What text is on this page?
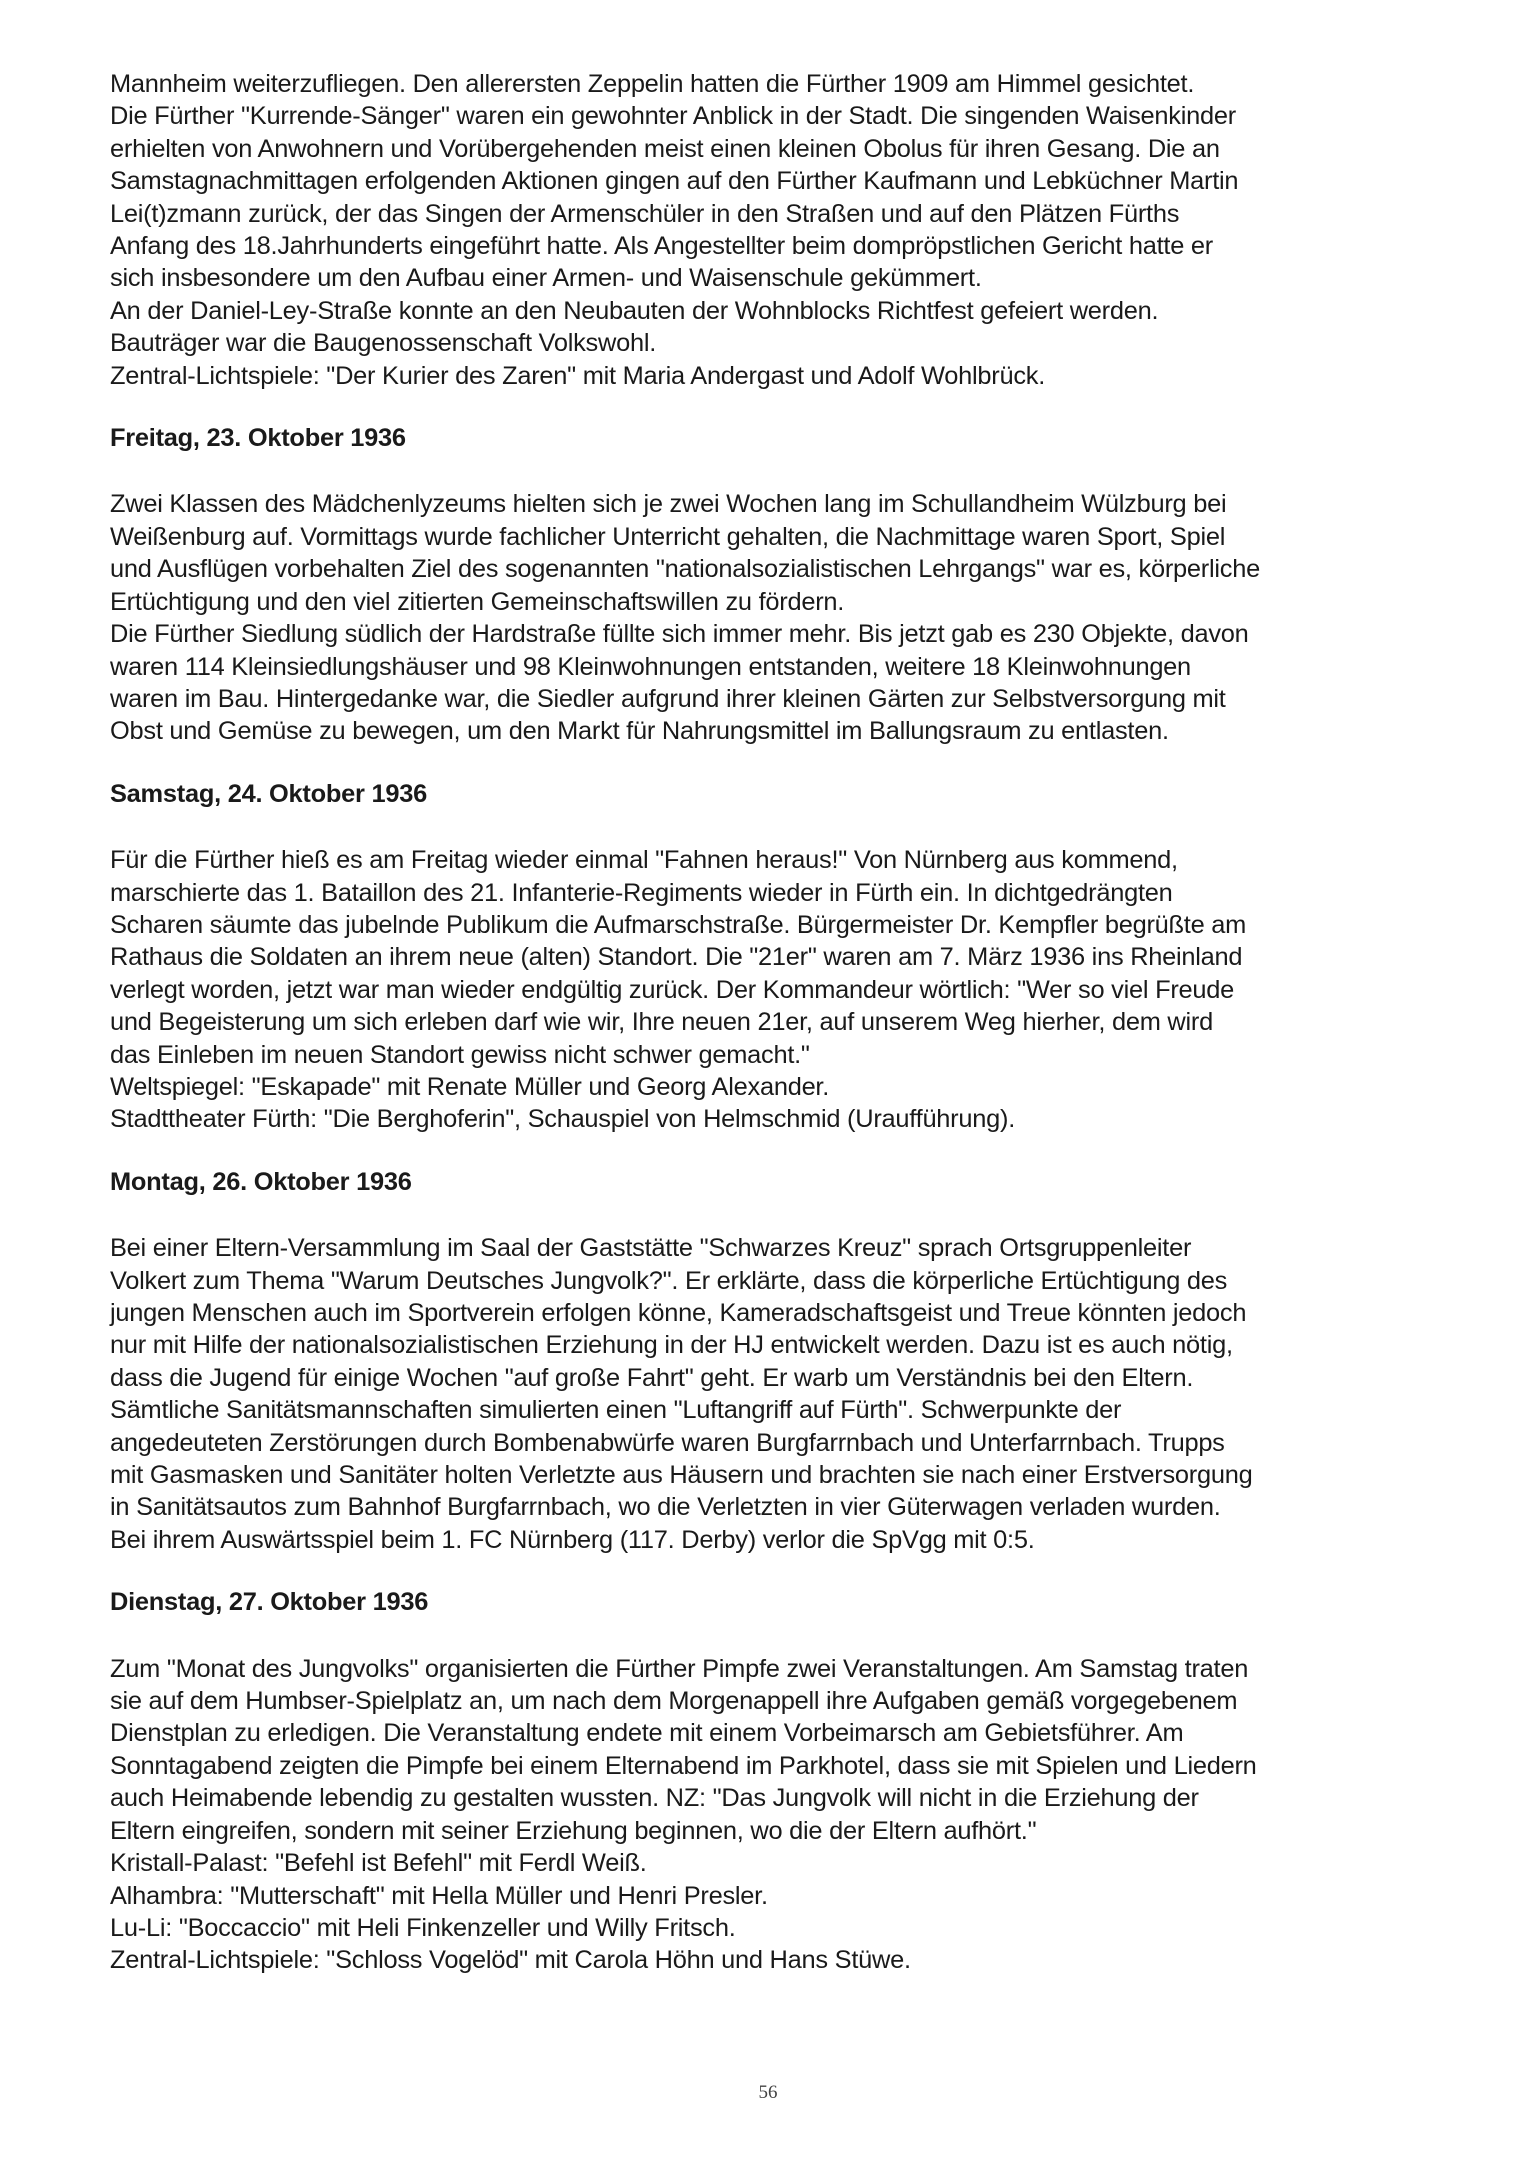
Mannheim weiterzufliegen. Den allerersten Zeppelin hatten die Fürther 1909 am Himmel gesichtet.
Die Fürther "Kurrende-Sänger" waren ein gewohnter Anblick in der Stadt. Die singenden Waisenkinder
erhielten von Anwohnern und Vorübergehenden meist einen kleinen Obolus für ihren Gesang. Die an
Samstagnachmittagen erfolgenden Aktionen gingen auf den Fürther Kaufmann und Lebküchner Martin
Lei(t)zmann zurück, der das Singen der Armenschüler in den Straßen und auf den Plätzen Fürths
Anfang des 18.Jahrhunderts eingeführt hatte. Als Angestellter beim dompröpstlichen Gericht hatte er
sich insbesondere um den Aufbau einer Armen- und Waisenschule gekümmert.
An der Daniel-Ley-Straße konnte an den Neubauten der Wohnblocks Richtfest gefeiert werden.
Bauträger war die Baugenossenschaft Volkswohl.
Zentral-Lichtspiele: "Der Kurier des Zaren" mit Maria Andergast und Adolf Wohlbrück.
Freitag, 23. Oktober 1936
Zwei Klassen des Mädchenlyzeums hielten sich je zwei Wochen lang im Schullandheim Wülzburg bei
Weißenburg auf. Vormittags wurde fachlicher Unterricht gehalten, die Nachmittage waren Sport, Spiel
und Ausflügen vorbehalten Ziel des sogenannten "nationalsozialistischen Lehrgangs" war es, körperliche
Ertüchtigung und den viel zitierten Gemeinschaftswillen zu fördern.
Die Fürther Siedlung südlich der Hardstraße füllte sich immer mehr. Bis jetzt gab es 230 Objekte, davon
waren 114 Kleinsiedlungshäuser und 98 Kleinwohnungen entstanden, weitere 18 Kleinwohnungen
waren im Bau. Hintergedanke war, die Siedler aufgrund ihrer kleinen Gärten zur Selbstversorgung mit
Obst und Gemüse zu bewegen, um den Markt für Nahrungsmittel im Ballungsraum zu entlasten.
Samstag, 24. Oktober 1936
Für die Fürther hieß es am Freitag wieder einmal "Fahnen heraus!" Von Nürnberg aus kommend,
marschierte das 1. Bataillon des 21. Infanterie-Regiments wieder in Fürth ein. In dichtgedrängten
Scharen säumte das jubelnde Publikum die Aufmarschstraße. Bürgermeister Dr. Kempfler begrüßte am
Rathaus die Soldaten an ihrem neue (alten) Standort. Die "21er" waren am 7. März 1936 ins Rheinland
verlegt worden, jetzt war man wieder endgültig zurück. Der Kommandeur wörtlich: "Wer so viel Freude
und Begeisterung um sich erleben darf wie wir, Ihre neuen 21er, auf unserem Weg hierher, dem wird
das Einleben im neuen Standort gewiss nicht schwer gemacht."
Weltspiegel: "Eskapade" mit Renate Müller und Georg Alexander.
Stadttheater Fürth: "Die Berghoferin", Schauspiel von Helmschmid (Uraufführung).
Montag, 26. Oktober 1936
Bei einer Eltern-Versammlung im Saal der Gaststätte "Schwarzes Kreuz" sprach Ortsgruppenleiter
Volkert zum Thema "Warum Deutsches Jungvolk?". Er erklärte, dass die körperliche Ertüchtigung des
jungen Menschen auch im Sportverein erfolgen könne, Kameradschaftsgeist und Treue könnten jedoch
nur mit Hilfe der nationalsozialistischen Erziehung in der HJ entwickelt werden. Dazu ist es auch nötig,
dass die Jugend für einige Wochen "auf große Fahrt" geht. Er warb um Verständnis bei den Eltern.
Sämtliche Sanitätsmannschaften simulierten einen "Luftangriff auf Fürth". Schwerpunkte der
angedeuteten Zerstörungen durch Bombenabwürfe waren Burgfarrnbach und Unterfarrnbach. Trupps
mit Gasmasken und Sanitäter holten Verletzte aus Häusern und brachten sie nach einer Erstversorgung
in Sanitätsautos zum Bahnhof Burgfarrnbach, wo die Verletzten in vier Güterwagen verladen wurden.
Bei ihrem Auswärtsspiel beim 1. FC Nürnberg (117. Derby) verlor die SpVgg mit 0:5.
Dienstag, 27. Oktober 1936
Zum "Monat des Jungvolks" organisierten die Fürther Pimpfe zwei Veranstaltungen. Am Samstag traten
sie auf dem Humbser-Spielplatz an, um nach dem Morgenappell ihre Aufgaben gemäß vorgegebenem
Dienstplan zu erledigen. Die Veranstaltung endete mit einem Vorbeimarsch am Gebietsführer. Am
Sonntagabend zeigten die Pimpfe bei einem Elternabend im Parkhotel, dass sie mit Spielen und Liedern
auch Heimabende lebendig zu gestalten wussten. NZ: "Das Jungvolk will nicht in die Erziehung der
Eltern eingreifen, sondern mit seiner Erziehung beginnen, wo die der Eltern aufhört."
Kristall-Palast: "Befehl ist Befehl" mit Ferdl Weiß.
Alhambra: "Mutterschaft" mit Hella Müller und Henri Presler.
Lu-Li: "Boccaccio" mit Heli Finkenzeller und Willy Fritsch.
Zentral-Lichtspiele: "Schloss Vogelöd" mit Carola Höhn und Hans Stüwe.
56
